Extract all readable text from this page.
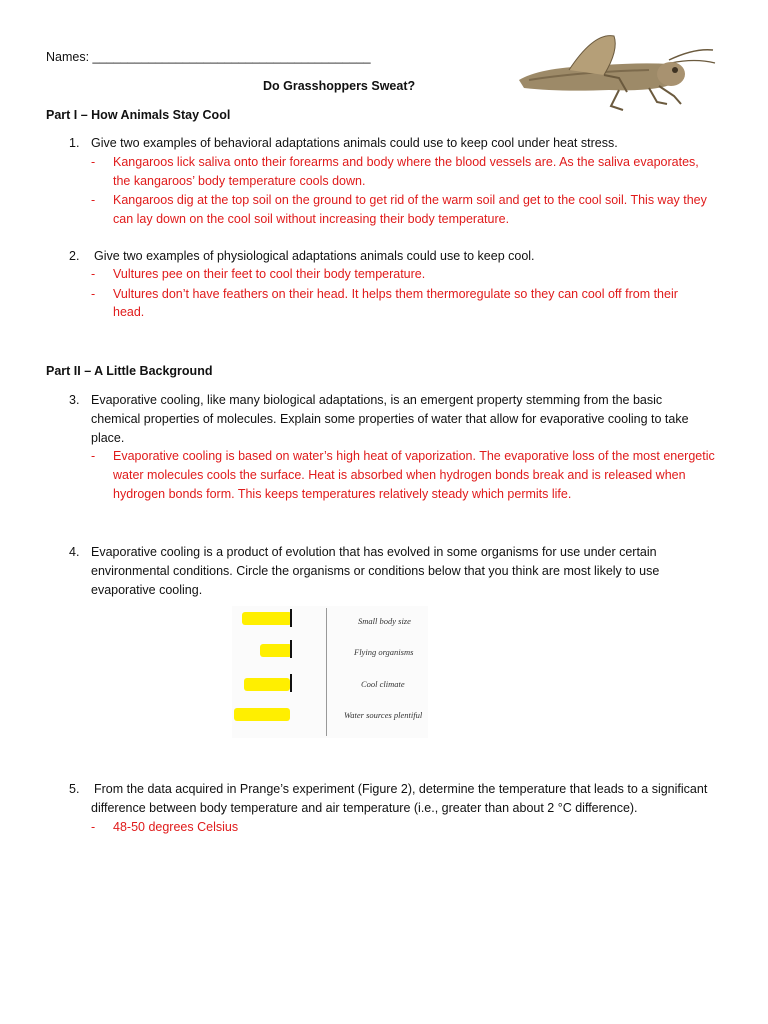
Names: ________________________________________
Do Grasshoppers Sweat?
Part I – How Animals Stay Cool
1. Give two examples of behavioral adaptations animals could use to keep cool under heat stress.
- Kangaroos lick saliva onto their forearms and body where the blood vessels are. As the saliva evaporates,
the kangaroos’ body temperature cools down.
- Kangaroos dig at the top soil on the ground to get rid of the warm soil and get to the cool soil. This way they
can lay down on the cool soil without increasing their body temperature.
2. Give two examples of physiological adaptations animals could use to keep cool.
- Vultures pee on their feet to cool their body temperature.
- Vultures don’t have feathers on their head. It helps them thermoregulate so they can cool off from their
head.
Part II – A Little Background
3. Evaporative cooling, like many biological adaptations, is an emergent property stemming from the basic
chemical properties of molecules. Explain some properties of water that allow for evaporative cooling to take
place.
- Evaporative cooling is based on water’s high heat of vaporization. The evaporative loss of the most energetic
water molecules cools the surface. Heat is absorbed when hydrogen bonds break and is released when
hydrogen bonds form. This keeps temperatures relatively steady which permits life.
4. Evaporative cooling is a product of evolution that has evolved in some organisms for use under certain
environmental conditions. Circle the organisms or conditions below that you think are most likely to use
evaporative cooling.
Small body size
Flying organisms
Cool climate
Water sources plentiful
5. From the data acquired in Prange’s experiment (Figure 2), determine the temperature that leads to a significant
difference between body temperature and air temperature (i.e., greater than about 2 °C difference).
- 48-50 degrees Celsius
